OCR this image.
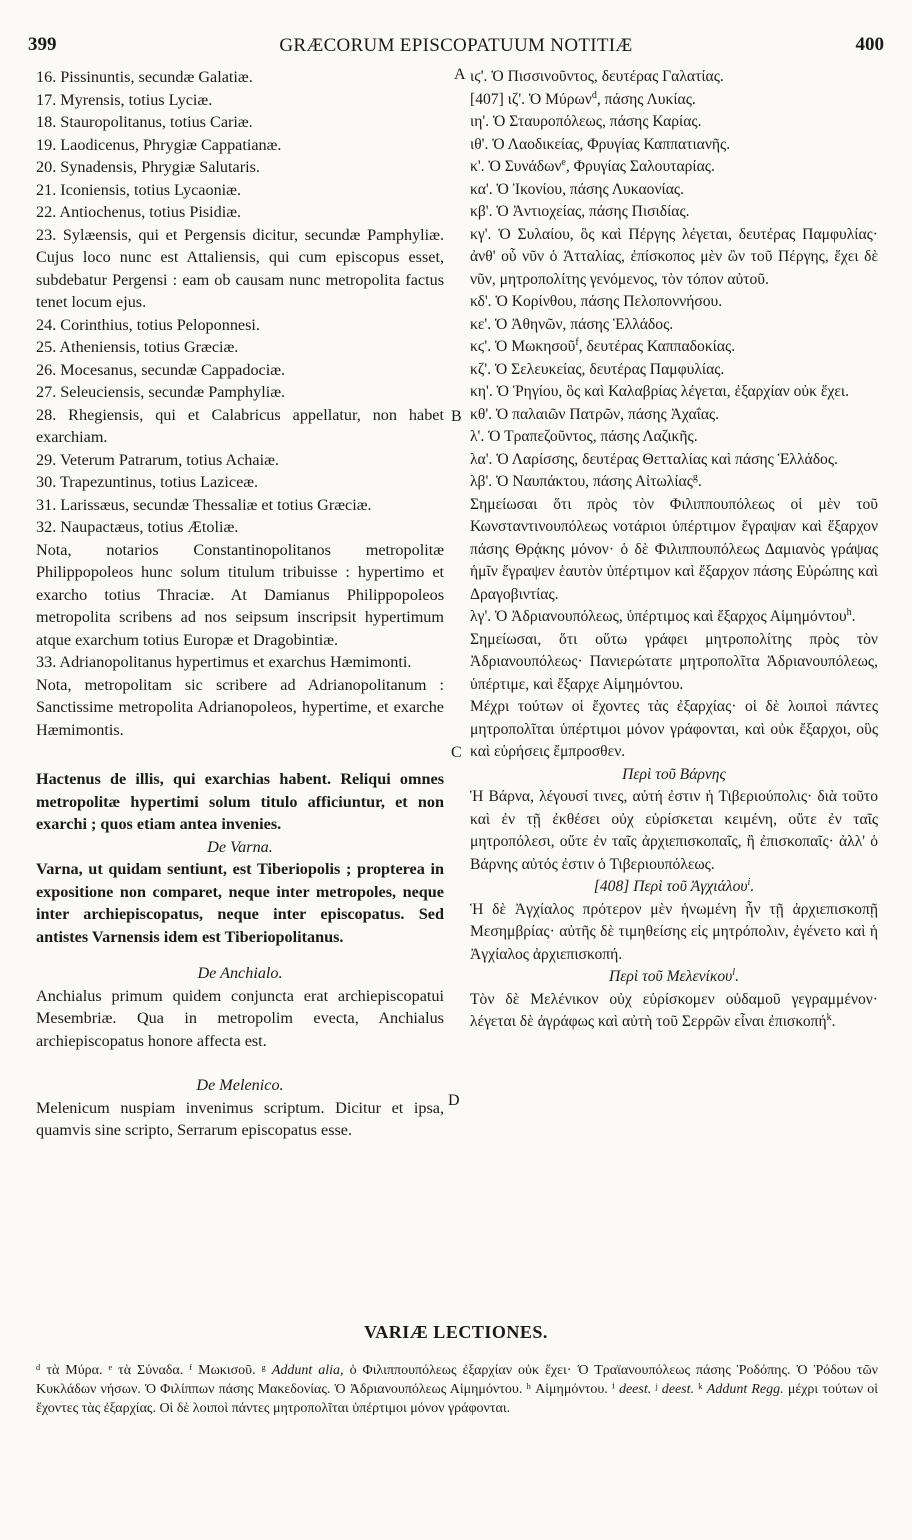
399	GRÆCORUM EPISCOPATUUM NOTITIÆ	400
A
B
C
D

16. Pissinuntis, secundæ Galatiæ.

17. Myrensis, totius Lyciæ.

18. Stauropolitanus, totius Cariæ.

19. Laodicenus, Phrygiæ Cappatianæ.

20. Synadensis, Phrygiæ Salutaris.

21. Iconiensis, totius Lycaoniæ.

22. Antiochenus, totius Pisidiæ.

23. Sylæensis, qui et Pergensis dicitur, secundæ Pamphyliæ. Cujus loco nunc est Attaliensis, qui cum episcopus esset, subdebatur Pergensi : eam ob causam nunc metropolita factus tenet locum ejus.

24. Corinthius, totius Peloponnesi.

25. Atheniensis, totius Græciæ.

26. Mocesanus, secundæ Cappadociæ.

27. Seleuciensis, secundæ Pamphyliæ.

28. Rhegiensis, qui et Calabricus appellatur, non habet exarchiam.

29. Veterum Patrarum, totius Achaiæ.

30. Trapezuntinus, totius Laziceæ.

31. Larissæus, secundæ Thessaliæ et totius Græciæ.

32. Naupactæus, totius Ætoliæ.

Nota, notarios Constantinopolitanos metropolitæ Philippopoleos hunc solum titulum tribuisse : hypertimo et exarcho totius Thraciæ. At Damianus Philippopoleos metropolita scribens ad nos seipsum inscripsit hypertimum atque exarchum totius Europæ et Dragobintiæ.

33. Adrianopolitanus hypertimus et exarchus Hæmimonti.

Nota, metropolitam sic scribere ad Adrianopolitanum : Sanctissime metropolita Adrianopoleos, hypertime, et exarche Hæmimontis.

Hactenus de illis, qui exarchias habent. Reliqui omnes metropolitæ hypertimi solum titulo afficiuntur, et non exarchi ; quos etiam antea invenies.

De Varna.

Varna, ut quidam sentiunt, est Tiberiopolis ; propterea in expositione non comparet, neque inter metropoles, neque inter archiepiscopatus, neque inter episcopatus. Sed antistes Varnensis idem est Tiberiopolitanus.

De Anchialo.

Anchialus primum quidem conjuncta erat archiepiscopatui Mesembriæ. Qua in metropolim evecta, Anchialus archiepiscopatus honore affecta est.

De Melenico.

Melenicum nuspiam invenimus scriptum. Dicitur et ipsa, quamvis sine scripto, Serrarum episcopatus esse.

ιϛ'. Ὁ Πισσινοῦντος, δευτέρας Γαλατίας.

[407] ιζ'. Ὁ Μύρων$^d$, πάσης Λυκίας.

ιη'. Ὁ Σταυροπόλεως, πάσης Καρίας.

ιθ'. Ὁ Λαοδικείας, Φρυγίας Καππατιανῆς.

κ'. Ὁ Συνάδων$^e$, Φρυγίας Σαλουταρίας.

κα'. Ὁ Ἰκονίου, πάσης Λυκαονίας.

κβ'. Ὁ Ἀντιοχείας, πάσης Πισιδίας.

κγ'. Ὁ Συλαίου, ὃς καὶ Πέργης λέγεται, δευτέρας Παμφυλίας· ἀνθ' οὗ νῦν ὁ Ἀτταλίας, ἐπίσκοπος μὲν ὢν τοῦ Πέργης, ἔχει δὲ νῦν, μητροπολίτης γενόμενος, τὸν τόπον αὐτοῦ.

κδ'. Ὁ Κορίνθου, πάσης Πελοποννήσου.

κε'. Ὁ Ἀθηνῶν, πάσης Ἑλλάδος.

κϛ'. Ὁ Μωκησοῦ$^f$, δευτέρας Καππαδοκίας.

κζ'. Ὁ Σελευκείας, δευτέρας Παμφυλίας.

κη'. Ὁ Ῥηγίου, ὃς καὶ Καλαβρίας λέγεται, ἐξαρχίαν οὐκ ἔχει.

κθ'. Ὁ παλαιῶν Πατρῶν, πάσης Ἀχαΐας.

λ'. Ὁ Τραπεζοῦντος, πάσης Λαζικῆς.

λα'. Ὁ Λαρίσσης, δευτέρας Θετταλίας καὶ πάσης Ἑλλάδος.

λβ'. Ὁ Ναυπάκτου, πάσης Αἰτωλίας$^g$.

Σημείωσαι ὅτι πρὸς τὸν Φιλιππουπόλεως οἱ μὲν τοῦ Κωνσταντινουπόλεως νοτάριοι ὑπέρτιμον ἔγραψαν καὶ ἔξαρχον πάσης Θρᾴκης μόνον· ὁ δὲ Φιλιππουπόλεως Δαμιανὸς γράψας ἡμῖν ἔγραψεν ἑαυτὸν ὑπέρτιμον καὶ ἔξαρχον πάσης Εὐρώπης καὶ Δραγοβιντίας.

λγ'. Ὁ Ἀδριανουπόλεως, ὑπέρτιμος καὶ ἔξαρχος Αἱμημόντου$^h$.

Σημείωσαι, ὅτι οὕτω γράφει μητροπολίτης πρὸς τὸν Ἀδριανουπόλεως· Πανιερώτατε μητροπολῖτα Ἀδριανουπόλεως, ὑπέρτιμε, καὶ ἔξαρχε Αἱμημόντου.

Μέχρι τούτων οἱ ἔχοντες τὰς ἐξαρχίας· οἱ δὲ λοιποὶ πάντες μητροπολῖται ὑπέρτιμοι μόνον γράφονται, καὶ οὐκ ἔξαρχοι, οὓς καὶ εὑρήσεις ἔμπροσθεν.

Περὶ τοῦ Βάρνης

Ἡ Βάρνα, λέγουσί τινες, αὐτή ἐστιν ἡ Τιβεριούπολις· διὰ τοῦτο καὶ ἐν τῇ ἐκθέσει οὐχ εὑρίσκεται κειμένη, οὔτε ἐν ταῖς μητροπόλεσι, οὔτε ἐν ταῖς ἀρχιεπισκοπαῖς, ἢ ἐπισκοπαῖς· ἀλλ' ὁ Βάρνης αὐτός ἐστιν ὁ Τιβεριουπόλεως.

[408] Περὶ τοῦ Ἀγχιάλου$^i$.

Ἡ δὲ Ἀγχίαλος πρότερον μὲν ἡνωμένη ἦν τῇ ἀρχιεπισκοπῇ Μεσημβρίας· αὐτῆς δὲ τιμηθείσης εἰς μητρόπολιν, ἐγένετο καὶ ἡ Ἀγχίαλος ἀρχιεπισκοπή.

Περὶ τοῦ Μελενίκου$^l$.

Τὸν δὲ Μελένικον οὐχ εὑρίσκομεν οὐδαμοῦ γεγραμμένον· λέγεται δὲ ἀγράφως καὶ αὐτὴ τοῦ Σερρῶν εἶναι ἐπισκοπή$^k$.

VARIÆ LECTIONES.
ᵈ τὰ Μύρα. ᵉ τὰ Σύναδα. ᶠ Μωκισοῦ. ᵍ Addunt alia, ὁ Φιλιππουπόλεως ἐξαρχίαν οὐκ ἔχει· Ὁ Τραϊανουπόλεως πάσης Ῥοδόπης. Ὁ Ῥόδου τῶν Κυκλάδων νήσων. Ὁ Φιλίππων πάσης Μακεδονίας. Ὁ Ἀδριανουπόλεως Αἱμημόντου. ʰ Αἱμημόντου. ⁱ deest. ʲ deest. ᵏ Addunt Regg. μέχρι τούτων οἱ ἔχοντες τὰς ἐξαρχίας. Οἱ δὲ λοιποὶ πάντες μητροπολῖται ὑπέρτιμοι μόνον γράφονται.
